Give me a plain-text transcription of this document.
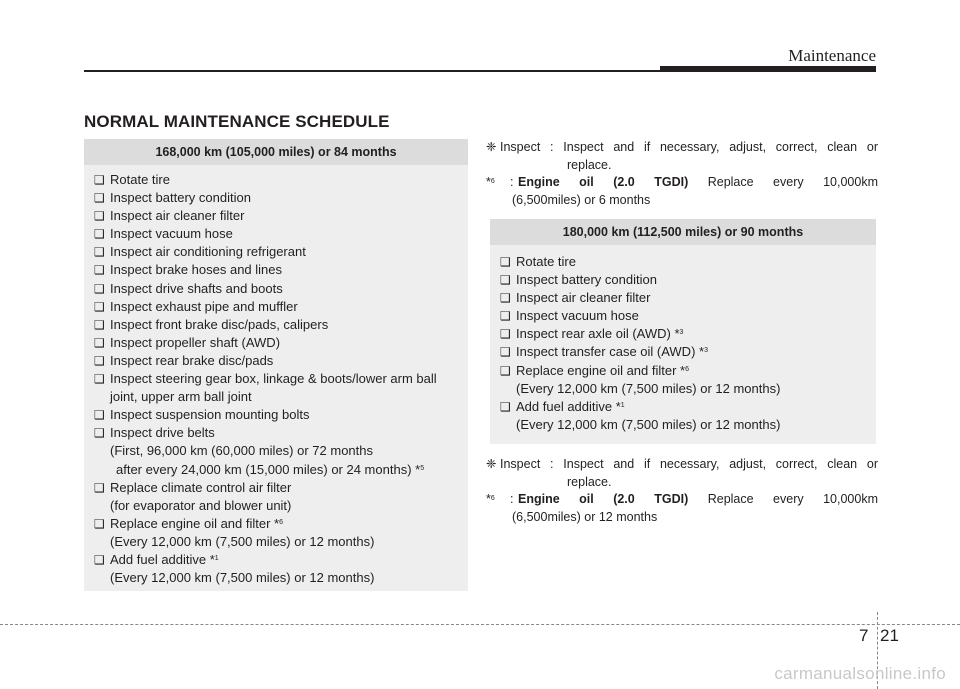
Maintenance
NORMAL MAINTENANCE SCHEDULE
168,000 km (105,000 miles) or 84 months
❑ Rotate tire
❑ Inspect battery condition
❑ Inspect air cleaner filter
❑ Inspect vacuum hose
❑ Inspect air conditioning refrigerant
❑ Inspect brake hoses and lines
❑ Inspect drive shafts and boots
❑ Inspect exhaust pipe and muffler
❑ Inspect front brake disc/pads, calipers
❑ Inspect propeller shaft (AWD)
❑ Inspect rear brake disc/pads
❑ Inspect steering gear box, linkage & boots/lower arm ball
joint, upper arm ball joint
❑ Inspect suspension mounting bolts
❑ Inspect drive belts
(First, 96,000 km (60,000 miles) or 72 months
after every 24,000 km (15,000 miles) or 24 months) *$^5$
❑ Replace climate control air filter
(for evaporator and blower unit)
❑ Replace engine oil and filter *$^6$
(Every 12,000 km (7,500 miles) or 12 months)
❑ Add fuel additive *$^1$
(Every 12,000 km (7,500 miles) or 12 months)
❈ Inspect : Inspect and if necessary, adjust, correct, clean or
replace.
*$^6$	: Engine oil (2.0 TGDI) Replace every 10,000km
(6,500miles) or 6 months
180,000 km (112,500 miles) or 90 months
❑ Rotate tire
❑ Inspect battery condition
❑ Inspect air cleaner filter
❑ Inspect vacuum hose
❑ Inspect rear axle oil (AWD) *$^3$
❑ Inspect transfer case oil (AWD) *$^3$
❑ Replace engine oil and filter *$^6$
(Every 12,000 km (7,500 miles) or 12 months)
❑ Add fuel additive *$^1$
(Every 12,000 km (7,500 miles) or 12 months)
❈ Inspect : Inspect and if necessary, adjust, correct, clean or
replace.
*$^6$	: Engine oil (2.0 TGDI) Replace every 10,000km
(6,500miles) or 12 months
7 21
carmanualsonline.info
